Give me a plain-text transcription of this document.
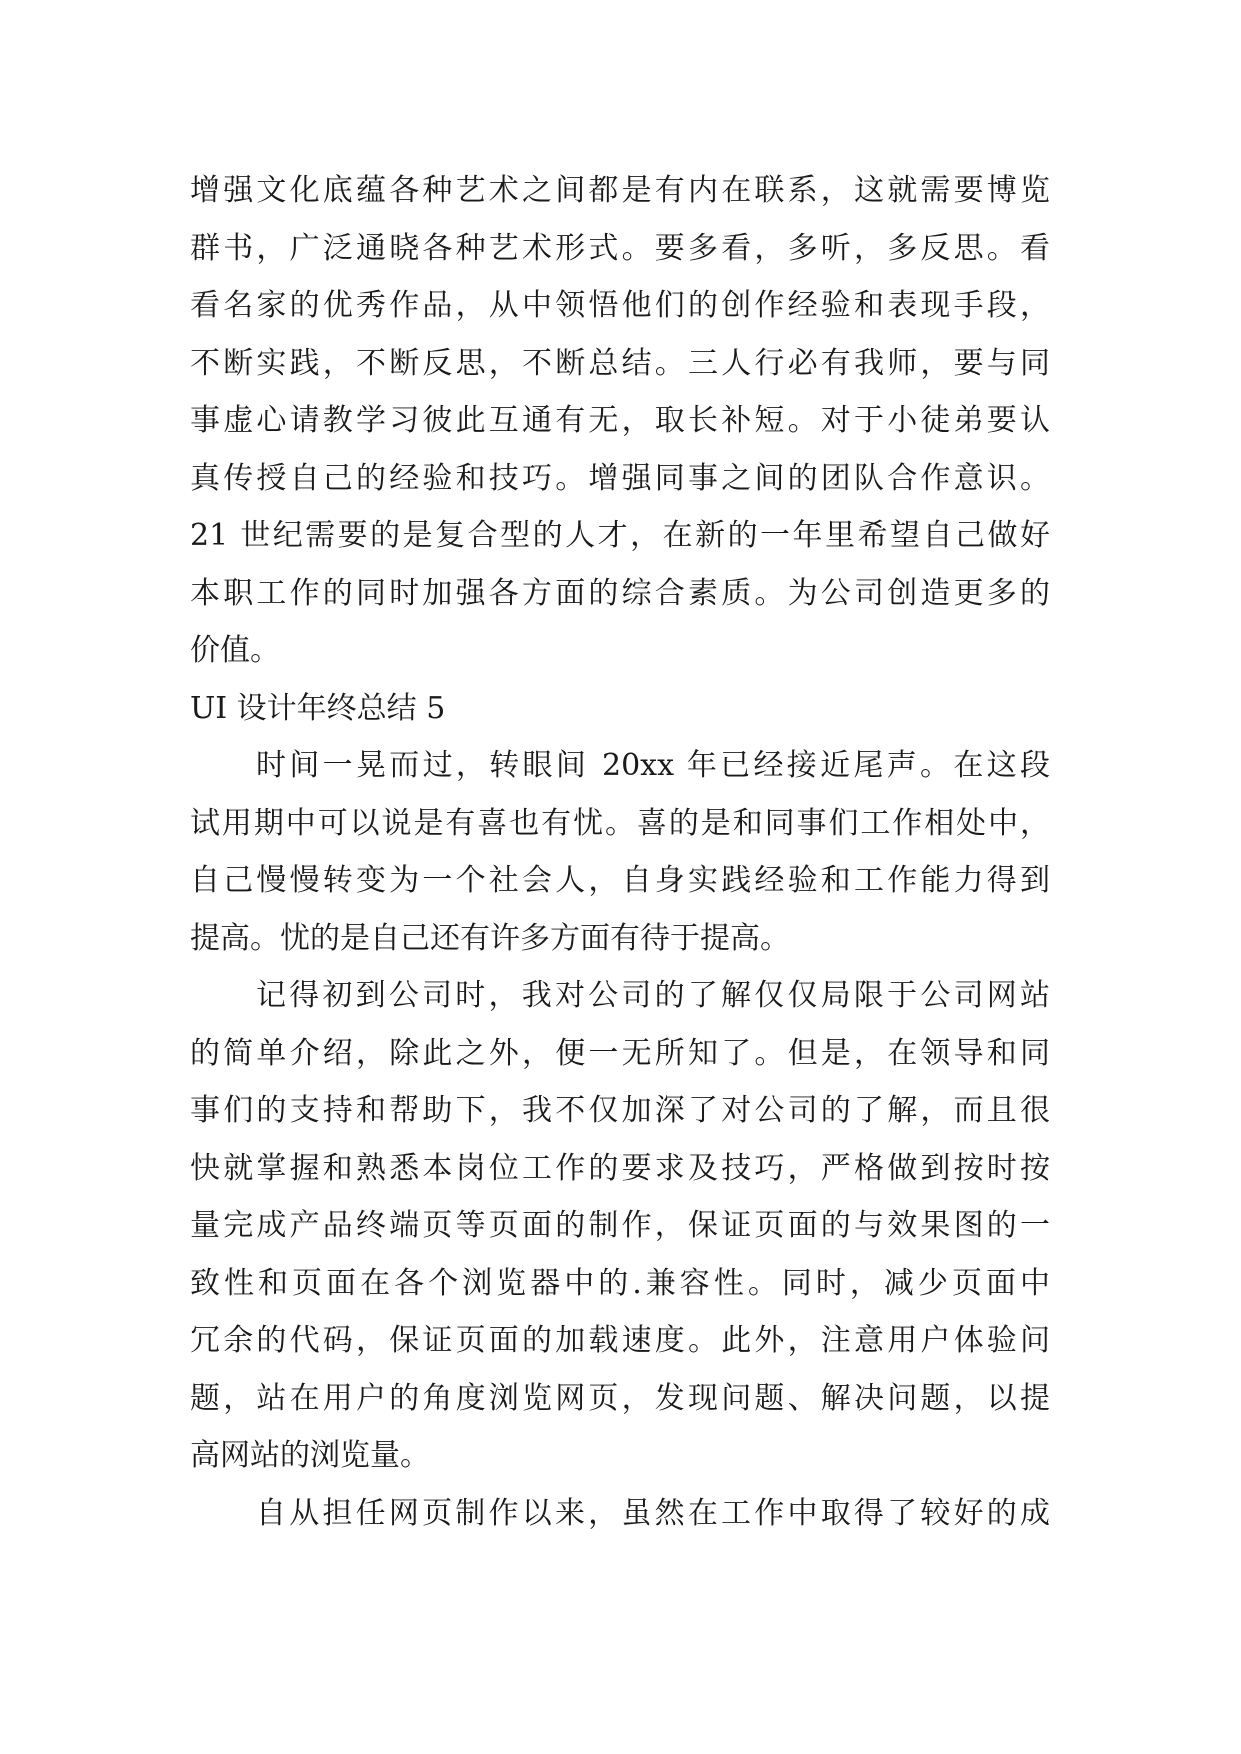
增强文化底蕴各种艺术之间都是有内在联系，这就需要博览
群书，广泛通晓各种艺术形式。要多看，多听，多反思。看
看名家的优秀作品，从中领悟他们的创作经验和表现手段，
不断实践，不断反思，不断总结。三人行必有我师，要与同
事虚心请教学习彼此互通有无，取长补短。对于小徒弟要认
真传授自己的经验和技巧。增强同事之间的团队合作意识。
21 世纪需要的是复合型的人才，在新的一年里希望自己做好
本职工作的同时加强各方面的综合素质。为公司创造更多的
价值。
UI 设计年终总结 5
时间一晃而过，转眼间 20xx 年已经接近尾声。在这段
试用期中可以说是有喜也有忧。喜的是和同事们工作相处中，
自己慢慢转变为一个社会人，自身实践经验和工作能力得到
提高。忧的是自己还有许多方面有待于提高。
记得初到公司时，我对公司的了解仅仅局限于公司网站
的简单介绍，除此之外，便一无所知了。但是，在领导和同
事们的支持和帮助下，我不仅加深了对公司的了解，而且很
快就掌握和熟悉本岗位工作的要求及技巧，严格做到按时按
量完成产品终端页等页面的制作，保证页面的与效果图的一
致性和页面在各个浏览器中的.兼容性。同时，减少页面中
冗余的代码，保证页面的加载速度。此外，注意用户体验问
题，站在用户的角度浏览网页，发现问题、解决问题，以提
高网站的浏览量。
自从担任网页制作以来，虽然在工作中取得了较好的成
